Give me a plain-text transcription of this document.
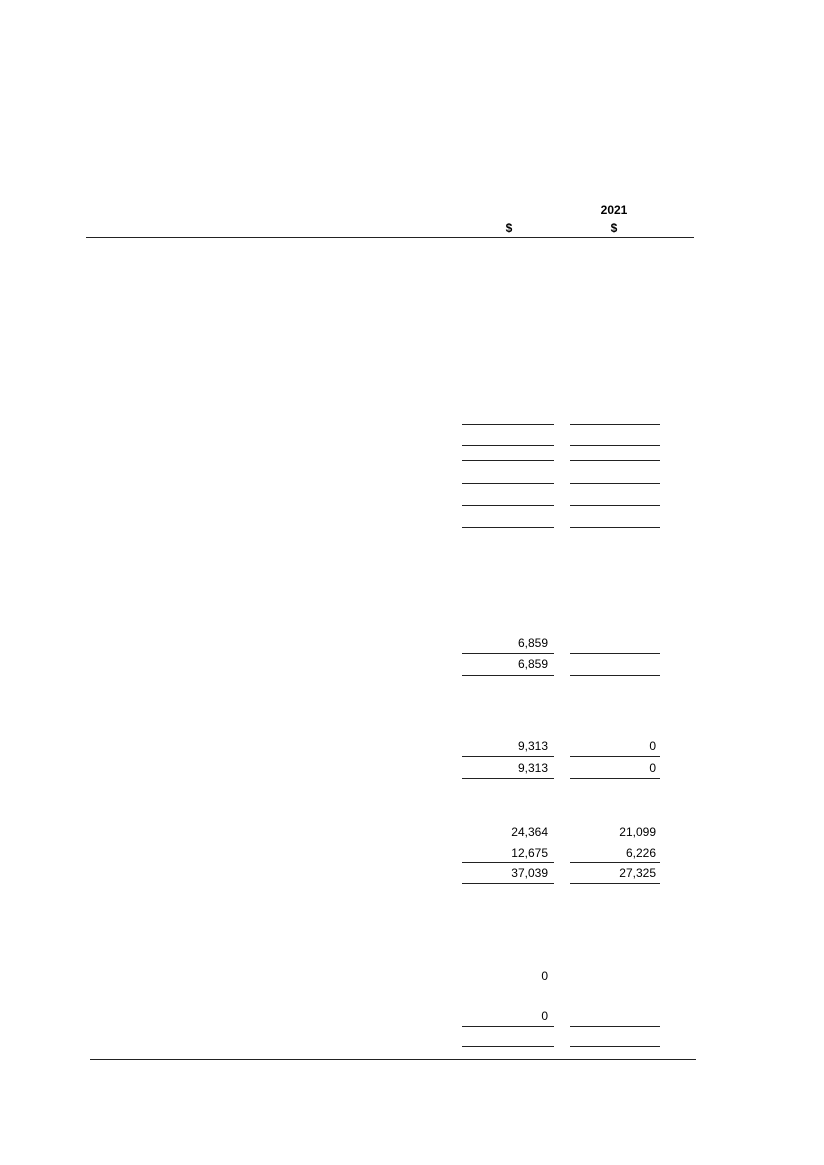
2021
$	$
6,859
6,859
9,313	0
9,313	0
24,364	21,099
12,675	6,226
37,039	27,325
0
0
